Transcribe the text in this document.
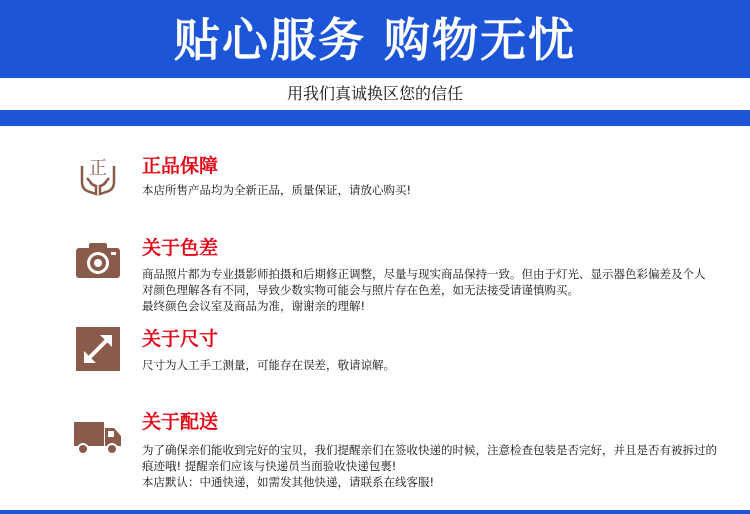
贴心服务 购物无忧
用我们真诚换区您的信任
正 正品保障
本店所售产品均为全新正品，质量保证，请放心购买!
关于色差
商品照片都为专业摄影师拍摄和后期修正调整，尽量与现实商品保持一致。但由于灯光、显示器色彩偏差及个人
对颜色理解各有不同，导致少数实物可能会与照片存在色差，如无法接受请谨慎购买。
最终颜色会议室及商品为准，谢谢亲的理解!
关于尺寸
尺寸为人工手工测量，可能存在误差，敬请谅解。
关于配送
为了确保亲们能收到完好的宝贝，我们提醒亲们在签收快递的时候，注意检查包装是否完好，并且是否有被拆过的
痕迹哦! 提醒亲们应该与快递员当面验收快递包裹!
本店默认：中通快递，如需发其他快递，请联系在线客服!
